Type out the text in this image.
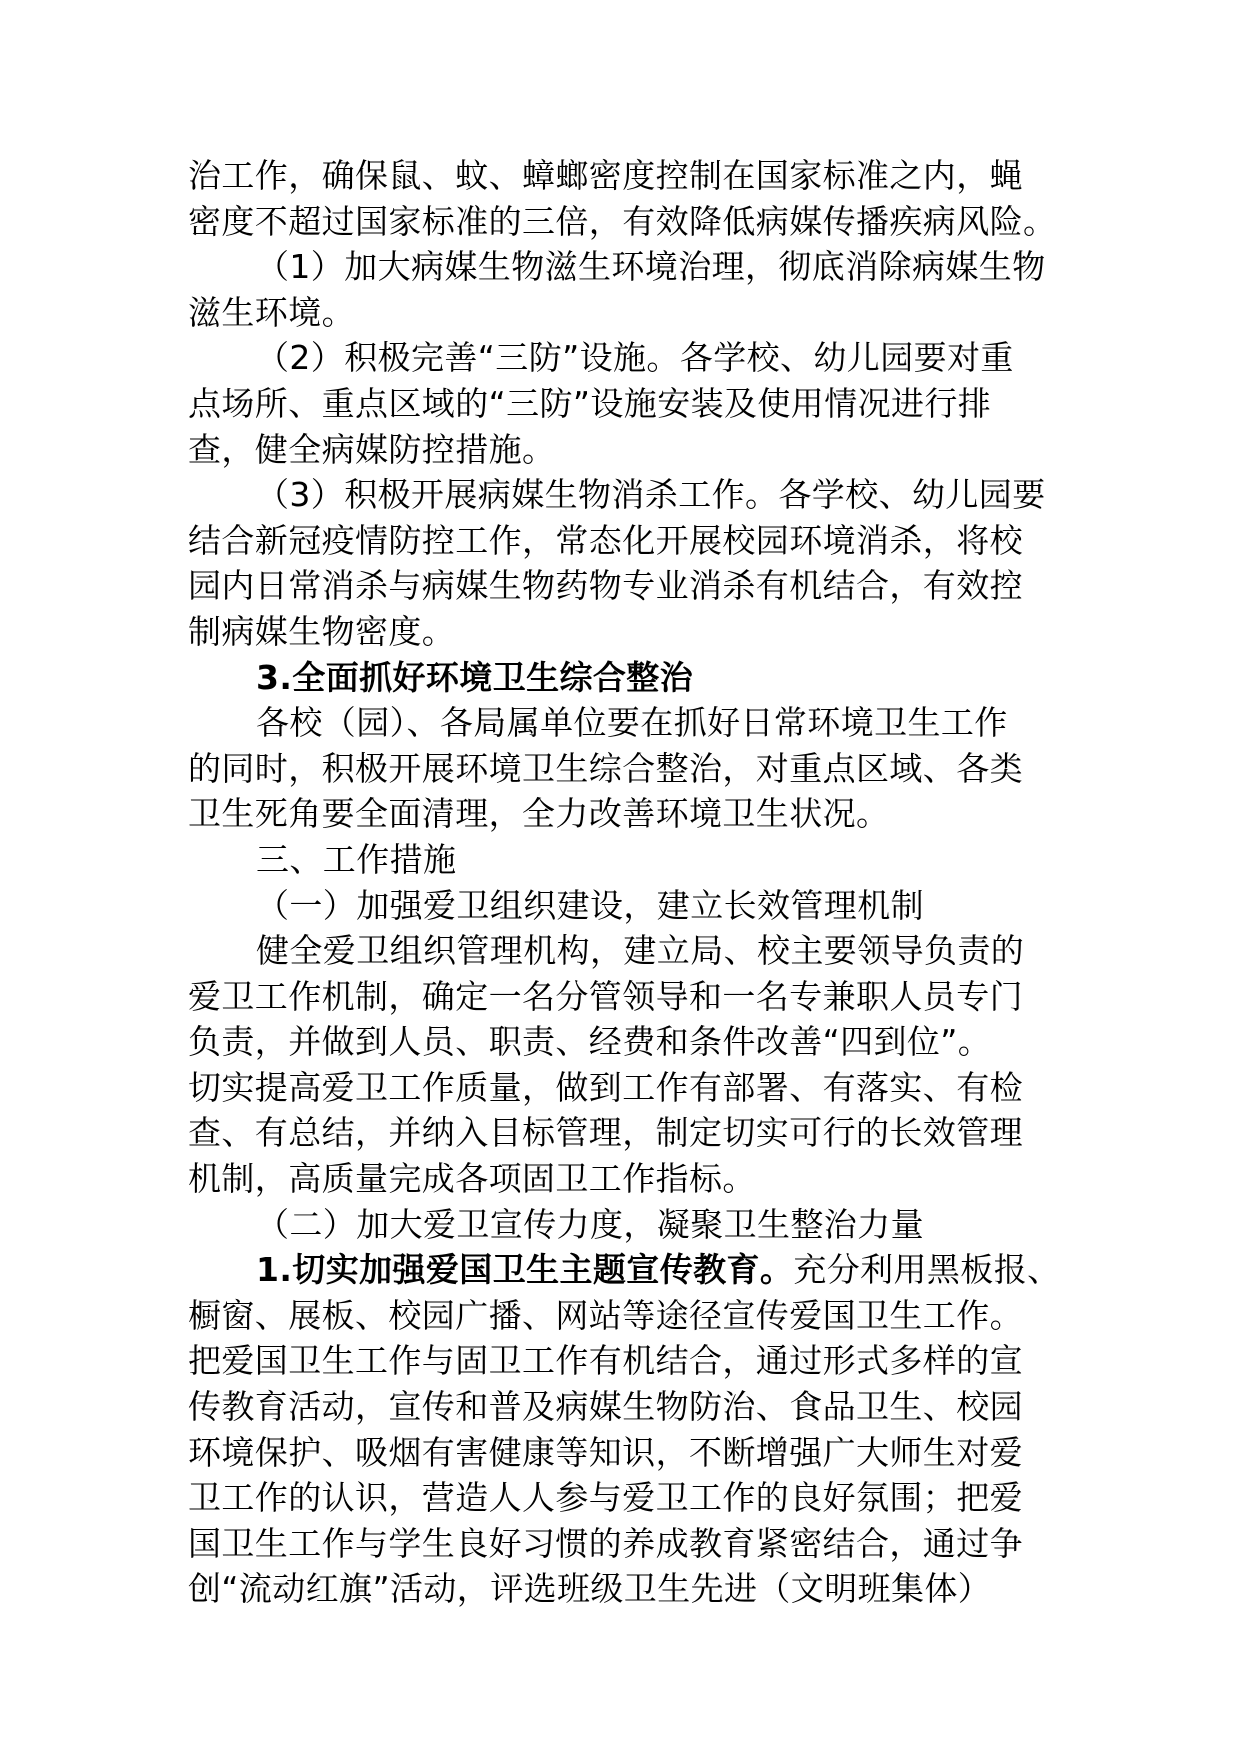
治工作，确保鼠、蚊、蟑螂密度控制在国家标准之内，蝇
密度不超过国家标准的三倍，有效降低病媒传播疾病风险。
（1）加大病媒生物滋生环境治理，彻底消除病媒生物
滋生环境。
（2）积极完善“三防”设施。各学校、幼儿园要对重
点场所、重点区域的“三防”设施安装及使用情况进行排
查，健全病媒防控措施。
（3）积极开展病媒生物消杀工作。各学校、幼儿园要
结合新冠疫情防控工作，常态化开展校园环境消杀，将校
园内日常消杀与病媒生物药物专业消杀有机结合，有效控
制病媒生物密度。
3.全面抓好环境卫生综合整治
各校（园）、各局属单位要在抓好日常环境卫生工作
的同时，积极开展环境卫生综合整治，对重点区域、各类
卫生死角要全面清理，全力改善环境卫生状况。
三、工作措施
（一）加强爱卫组织建设，建立长效管理机制
健全爱卫组织管理机构，建立局、校主要领导负责的
爱卫工作机制，确定一名分管领导和一名专兼职人员专门
负责，并做到人员、职责、经费和条件改善“四到位”。
切实提高爱卫工作质量，做到工作有部署、有落实、有检
查、有总结，并纳入目标管理，制定切实可行的长效管理
机制，高质量完成各项固卫工作指标。
（二）加大爱卫宣传力度，凝聚卫生整治力量
1.切实加强爱国卫生主题宣传教育。充分利用黑板报、
橱窗、展板、校园广播、网站等途径宣传爱国卫生工作。
把爱国卫生工作与固卫工作有机结合，通过形式多样的宣
传教育活动，宣传和普及病媒生物防治、食品卫生、校园
环境保护、吸烟有害健康等知识，不断增强广大师生对爱
卫工作的认识，营造人人参与爱卫工作的良好氛围；把爱
国卫生工作与学生良好习惯的养成教育紧密结合，通过争
创“流动红旗”活动，评选班级卫生先进（文明班集体）
